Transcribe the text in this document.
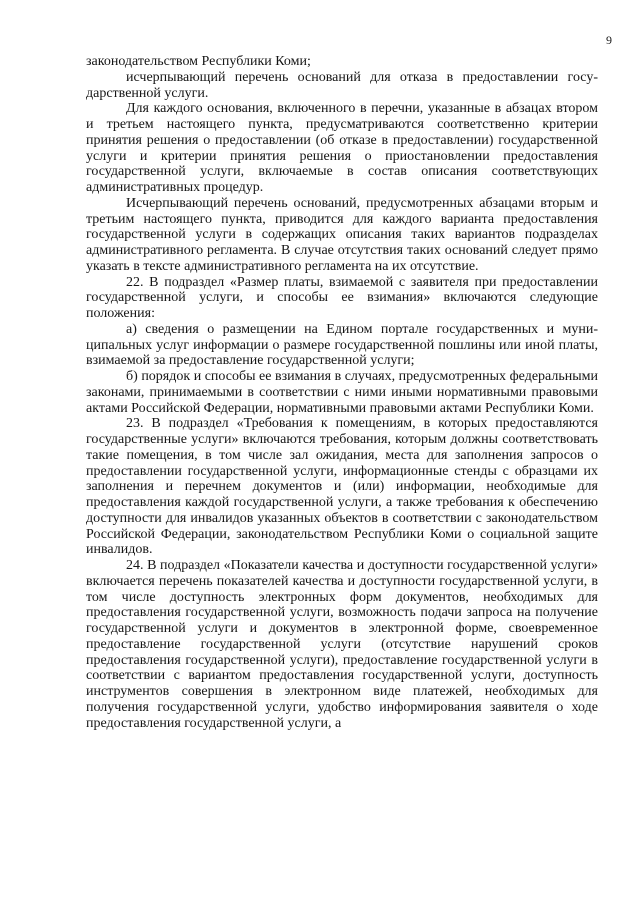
9

законодательством Республики Коми;

исчерпывающий перечень оснований для отказа в предоставлении государственной услуги.

Для каждого основания, включенного в перечни, указанные в абзацах втором и третьем настоящего пункта, предусматриваются соответственно критерии принятия решения о предоставлении (об отказе в предоставлении) государственной услуги и критерии принятия решения о приостановлении предоставления государственной услуги, включаемые в состав описания соответствующих административных процедур.

Исчерпывающий перечень оснований, предусмотренных абзацами вторым и третьим настоящего пункта, приводится для каждого варианта предоставления государственной услуги в содержащих описания таких вариантов подразделах административного регламента. В случае отсутствия таких оснований следует прямо указать в тексте административного регламента на их отсутствие.

22. В подраздел «Размер платы, взимаемой с заявителя при предоставлении государственной услуги, и способы ее взимания» включаются следующие положения:

а) сведения о размещении на Едином портале государственных и муниципальных услуг информации о размере государственной пошлины или иной платы, взимаемой за предоставление государственной услуги;

б) порядок и способы ее взимания в случаях, предусмотренных федеральными законами, принимаемыми в соответствии с ними иными нормативными правовыми актами Российской Федерации, нормативными правовыми актами Республики Коми.

23. В подраздел «Требования к помещениям, в которых предоставляются государственные услуги» включаются требования, которым должны соответствовать такие помещения, в том числе зал ожидания, места для заполнения запросов о предоставлении государственной услуги, информационные стенды с образцами их заполнения и перечнем документов и (или) информации, необходимые для предоставления каждой государственной услуги, а также требования к обеспечению доступности для инвалидов указанных объектов в соответствии с законодательством Российской Федерации, законодательством Республики Коми о социальной защите инвалидов.

24. В подраздел «Показатели качества и доступности государственной услуги» включается перечень показателей качества и доступности государственной услуги, в том числе доступность электронных форм документов, необходимых для предоставления государственной услуги, возможность подачи запроса на получение государственной услуги и документов в электронной форме, своевременное предоставление государственной услуги (отсутствие нарушений сроков предоставления государственной услуги), предоставление государственной услуги в соответствии с вариантом предоставления государственной услуги, доступность инструментов совершения в электронном виде платежей, необходимых для получения государственной услуги, удобство информирования заявителя о ходе предоставления государственной услуги, а
